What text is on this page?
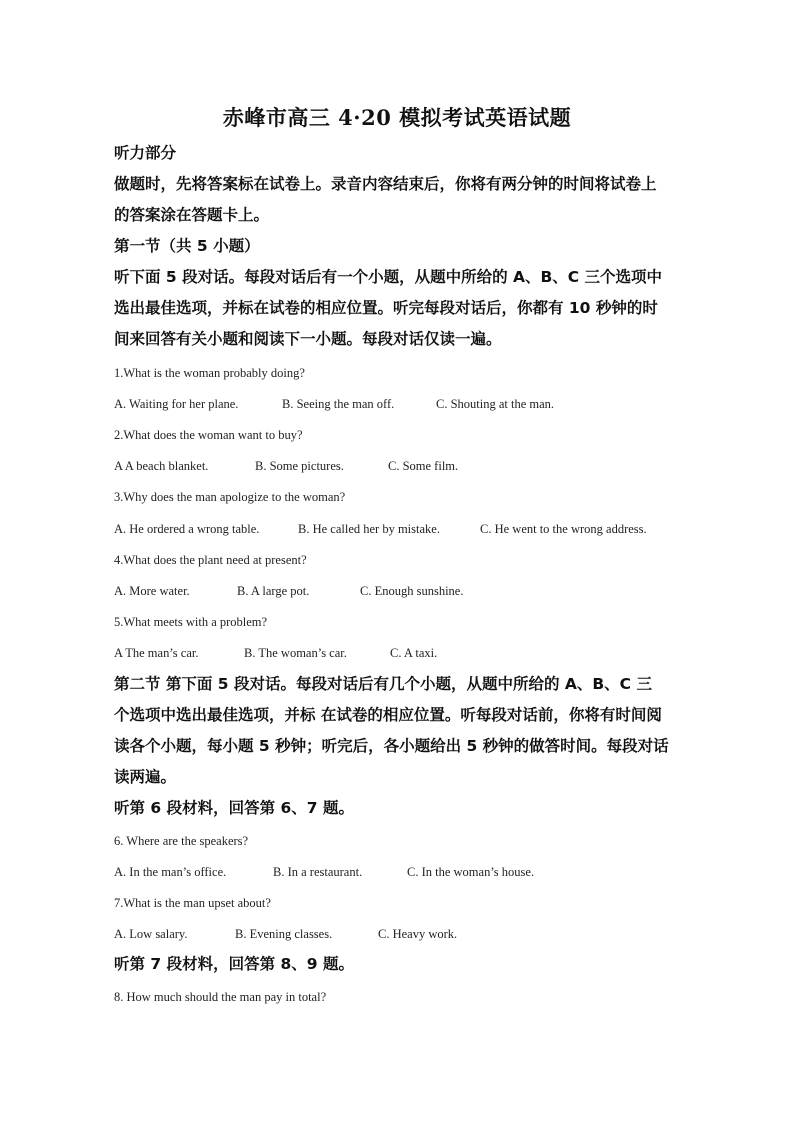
赤峰市高三 4·20 模拟考试英语试题
听力部分
做题时，先将答案标在试卷上。录音内容结束后，你将有两分钟的时间将试卷上
的答案涂在答题卡上。
第一节（共 5 小题）
听下面 5 段对话。每段对话后有一个小题，从题中所给的 A、B、C 三个选项中
选出最佳选项，并标在试卷的相应位置。听完每段对话后，你都有 10 秒钟的时
间来回答有关小题和阅读下一小题。每段对话仅读一遍。
1.What is the woman probably doing?
A. Waiting for her plane.	B. Seeing the man off.	C. Shouting at the man.
2.What does the woman want to buy?
A A beach blanket.	B. Some pictures.	C. Some film.
3.Why does the man apologize to the woman?
A. He ordered a wrong table.	B. He called her by mistake.	C. He went to the wrong address.
4.What does the plant need at present?
A. More water.	B. A large pot.	C. Enough sunshine.
5.What meets with a problem?
A The man’s car.	B. The woman’s car.	C. A taxi.
第二节 第下面 5 段对话。每段对话后有几个小题，从题中所给的 A、B、C 三
个选项中选出最佳选项，并标 在试卷的相应位置。听每段对话前，你将有时间阅
读各个小题，每小题 5 秒钟；听完后，各小题给出 5 秒钟的做答时间。每段对话
读两遍。
听第 6 段材料，回答第 6、7 题。
6. Where are the speakers?
A. In the man’s office.	B. In a restaurant.	C. In the woman’s house.
7.What is the man upset about?
A. Low salary.	B. Evening classes.	C. Heavy work.
听第 7 段材料，回答第 8、9 题。
8. How much should the man pay in total?
